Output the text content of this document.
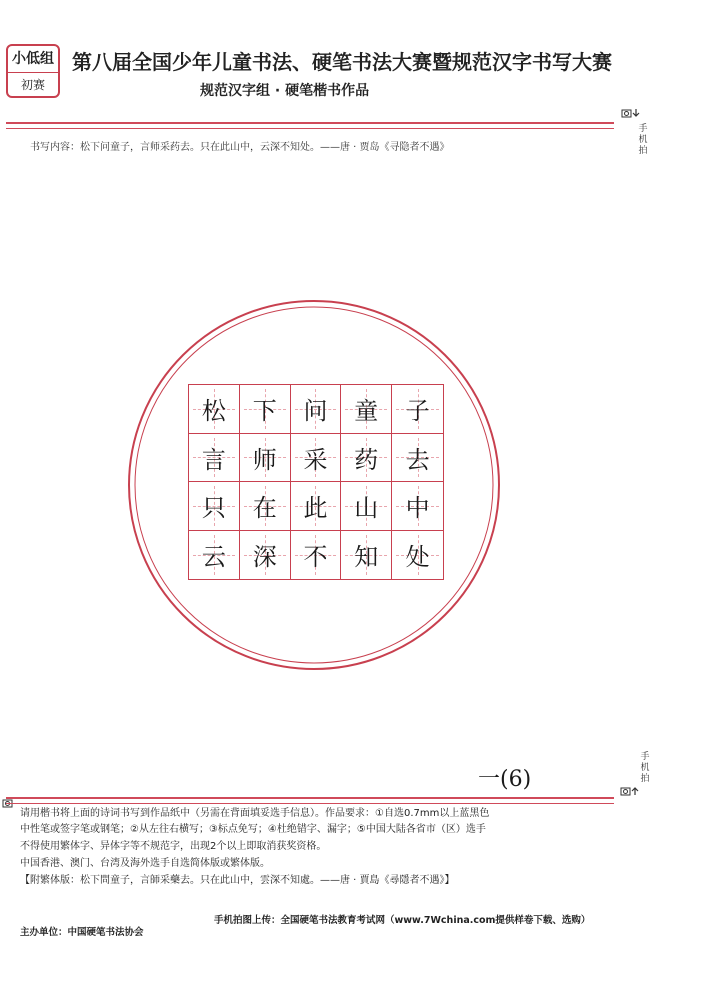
小低组
初赛
第八届全国少年儿童书法、硬笔书法大赛暨规范汉字书写大赛
规范汉字组 · 硬笔楷书作品
手
机
拍
书写内容：松下问童子，言师采药去。只在此山中，云深不知处。——唐 · 贾岛《寻隐者不遇》
松 下 问 童 子
言 师 采 药 去
只 在 此 山 中
云 深 不 知 处
一(6)
手
机
拍
请用楷书将上面的诗词书写到作品纸中（另需在背面填妥选手信息）。作品要求：①自选0.7mm以上蓝黑色
中性笔或签字笔或钢笔；②从左往右横写；③标点免写；④杜绝错字、漏字；⑤中国大陆各省市（区）选手
不得使用繁体字、异体字等不规范字，出现2个以上即取消获奖资格。
中国香港、澳门、台湾及海外选手自选简体版或繁体版。
【附繁体版：松下問童子，言師采藥去。只在此山中，雲深不知處。——唐 · 賈島《尋隱者不遇》】
主办单位：中国硬笔书法协会
手机拍图上传：全国硬笔书法教育考试网（www.7Wchina.com提供样卷下载、选购）
